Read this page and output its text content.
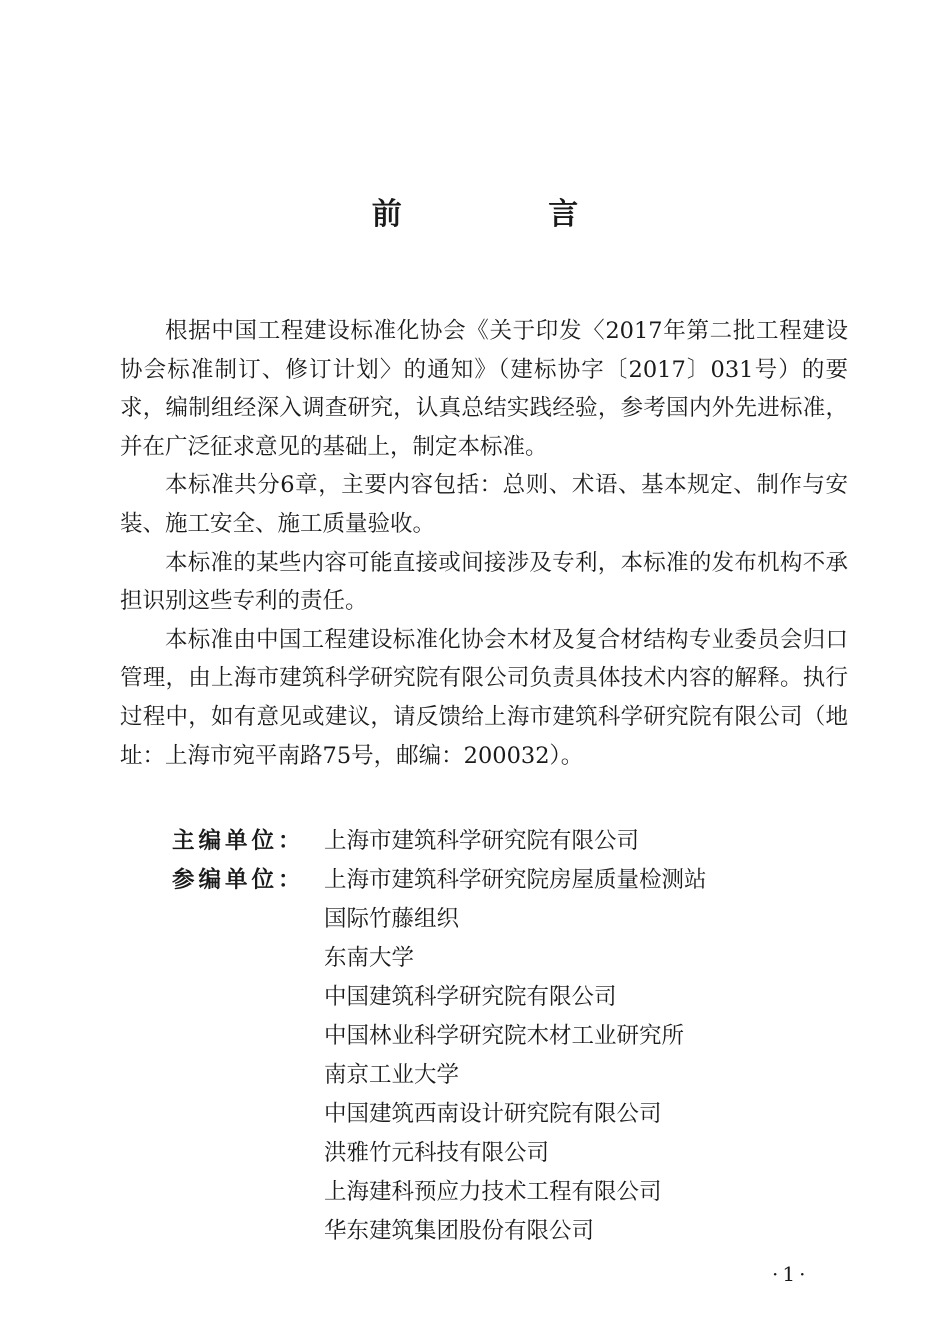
前 言

根据中国工程建设标准化协会《关于印发〈2017年第二批工程建设协会标准制订、修订计划〉的通知》（建标协字〔2017〕031号）的要求，编制组经深入调查研究，认真总结实践经验，参考国内外先进标准，并在广泛征求意见的基础上，制定本标准。

本标准共分6章，主要内容包括：总则、术语、基本规定、制作与安装、施工安全、施工质量验收。

本标准的某些内容可能直接或间接涉及专利，本标准的发布机构不承担识别这些专利的责任。

本标准由中国工程建设标准化协会木材及复合材结构专业委员会归口管理，由上海市建筑科学研究院有限公司负责具体技术内容的解释。执行过程中，如有意见或建议，请反馈给上海市建筑科学研究院有限公司（地址：上海市宛平南路75号，邮编：200032）。

主编单位： 上海市建筑科学研究院有限公司
参编单位： 上海市建筑科学研究院房屋质量检测站
国际竹藤组织
东南大学
中国建筑科学研究院有限公司
中国林业科学研究院木材工业研究所
南京工业大学
中国建筑西南设计研究院有限公司
洪雅竹元科技有限公司
上海建科预应力技术工程有限公司
华东建筑集团股份有限公司
·1·
